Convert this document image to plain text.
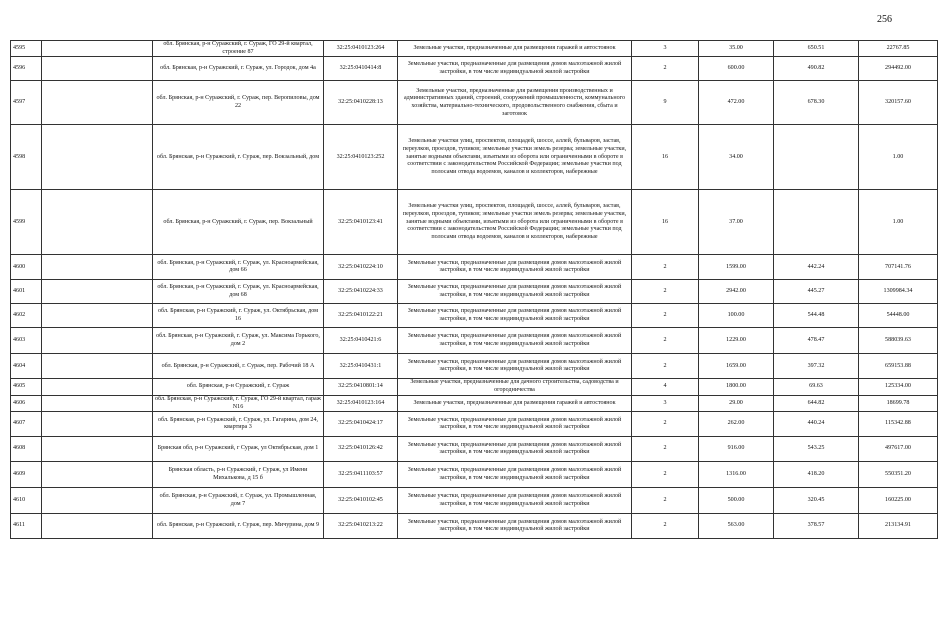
256
4595		обл. Брянская, р-н Суражский, г. Сураж, ГО 29-й квартал, строение 87	32:25:0410123:264	Земельные участки, предназначенные для размещения гаражей и автостоянок	3	35.00	650.51	22767.85
4596		обл. Брянская, р-н Суражский, г. Сураж, ул. Городок, дом 4а	32:25:0410414:8	Земельные участки, предназначенные для размещения домов малоэтажной жилой застройки, в том числе индивидуальной жилой застройки	2	600.00	490.82	294492.00
4597		обл. Брянская, р-н Суражский, г. Сураж, пер. Веропиловы, дом 22	32:25:0410228:13	Земельные участки, предназначенные для размещения производственных и административных зданий, строений, сооружений промышленности, коммунального хозяйства, материально-технического, продовольственного снабжения, сбыта и заготовок	9	472.00	678.30	320157.60
4598		обл. Брянская, р-н Суражский, г. Сураж, пер. Вокзальный, дом	32:25:0410123:252	Земельные участки улиц, проспектов, площадей, шоссе, аллей, бульваров, застав, переулков, проездов, тупиков; земельные участки земель резерва; земельные участки, занятые водными объектами, изъятыми из оборота или ограниченными в обороте в соответствии с законодательством Российской Федерации; земельные участки под полосами отвода водоемов, каналов и коллекторов, набережные	16	34.00		1.00
4599		обл. Брянская, р-н Суражский, г. Сураж, пер. Вокзальный	32:25:0410123:41	Земельные участки улиц, проспектов, площадей, шоссе, аллей, бульваров, застав, переулков, проездов, тупиков; земельные участки земель резерва; земельные участки, занятые водными объектами, изъятыми из оборота или ограниченными в обороте в соответствии с законодательством Российской Федерации; земельные участки под полосами отвода водоемов, каналов и коллекторов, набережные	16	37.00		1.00
4600		обл. Брянская, р-н Суражский, г. Сураж, ул. Красноармейская, дом 66	32:25:0410224:10	Земельные участки, предназначенные для размещения домов малоэтажной жилой застройки, в том числе индивидуальной жилой застройки	2	1599.00	442.24	707141.76
4601		обл. Брянская, р-н Суражский, г. Сураж, ул. Красноармейская, дом 68	32:25:0410224:33	Земельные участки, предназначенные для размещения домов малоэтажной жилой застройки, в том числе индивидуальной жилой застройки	2	2942.00	445.27	1309984.34
4602		обл. Брянская, р-н Суражский, г. Сураж, ул. Октябрьская, дом 16	32:25:0410122:21	Земельные участки, предназначенные для размещения домов малоэтажной жилой застройки, в том числе индивидуальной жилой застройки	2	100.00	544.48	54448.00
4603		обл. Брянская, р-н Суражский, г. Сураж, ул. Максима Горького, дом 2	32:25:0410421:6	Земельные участки, предназначенные для размещения домов малоэтажной жилой застройки, в том числе индивидуальной жилой застройки	2	1229.00	478.47	588039.63
4604		обл. Брянская, р-н Суражский, г. Сураж, пер. Рабочий 18 А	32:25:0410431:1	Земельные участки, предназначенные для размещения домов малоэтажной жилой застройки, в том числе индивидуальной жилой застройки	2	1659.00	397.32	659153.88
4605		обл. Брянская, р-н Суражский, г. Сураж	32:25:0410801:14	Земельные участки, предназначенные для дачного строительства, садоводства и огородничества	4	1800.00	69.63	125334.00
4606		обл. Брянская, р-н Суражский, г. Сураж, ГО 29-й квартал, гараж N16	32:25:0410123:164	Земельные участки, предназначенные для размещения гаражей и автостоянок	3	29.00	644.82	18699.78
4607		обл. Брянская, р-н Суражский, г. Сураж, ул. Гагарина, дом 24, квартира 3	32:25:0410424:17	Земельные участки, предназначенные для размещения домов малоэтажной жилой застройки, в том числе индивидуальной жилой застройки	2	262.00	440.24	115342.88
4608		Брянская обл, р-н Суражский, г Сураж, ул Октябрьская, дом 1	32:25:0410126:42	Земельные участки, предназначенные для размещения домов малоэтажной жилой застройки, в том числе индивидуальной жилой застройки	2	916.00	543.25	497617.00
4609		Брянская область, р-н Суражский, г Сураж, ул Имени Михалькова, д 15 б	32:25:0411103:57	Земельные участки, предназначенные для размещения домов малоэтажной жилой застройки, в том числе индивидуальной жилой застройки	2	1316.00	418.20	550351.20
4610		обл. Брянская, р-н Суражский, г. Сураж, ул. Промышленная, дом 7	32:25:0410102:45	Земельные участки, предназначенные для размещения домов малоэтажной жилой застройки, в том числе индивидуальной жилой застройки	2	500.00	320.45	160225.00
4611		обл. Брянская, р-н Суражский, г. Сураж, пер. Мичурина, дом 9	32:25:0410213:22	Земельные участки, предназначенные для размещения домов малоэтажной жилой застройки, в том числе индивидуальной жилой застройки	2	563.00	378.57	213134.91
